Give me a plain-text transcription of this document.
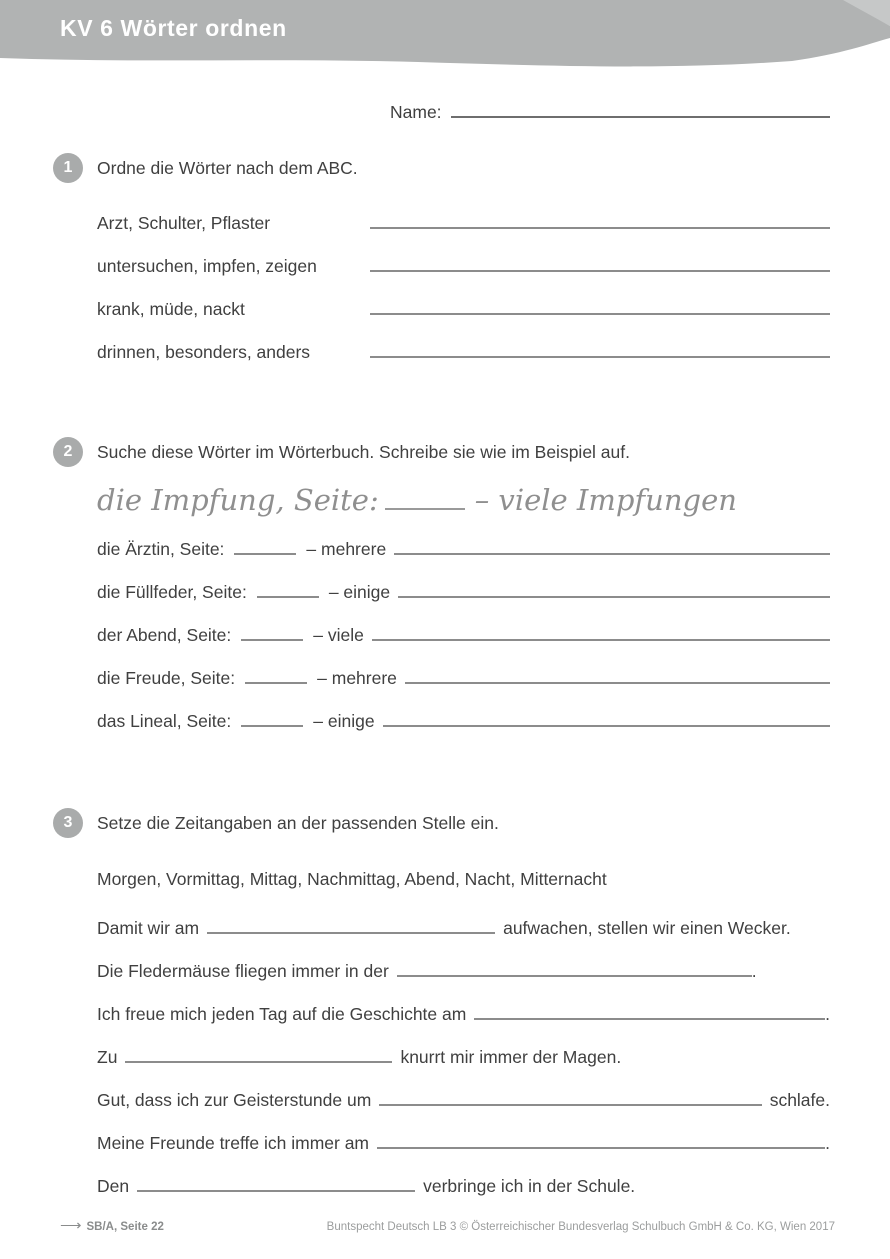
KV 6 Wörter ordnen
Name:
1	Ordne die Wörter nach dem ABC.
Arzt, Schulter, Pflaster
untersuchen, impfen, zeigen
krank, müde, nackt
drinnen, besonders, anders
2	Suche diese Wörter im Wörterbuch. Schreibe sie wie im Beispiel auf.
die Impfung, Seite:	– viele Impfungen
die Ärztin, Seite:	– mehrere
die Füllfeder, Seite:	– einige
der Abend, Seite:	– viele
die Freude, Seite:	– mehrere
das Lineal, Seite:	– einige
3	Setze die Zeitangaben an der passenden Stelle ein.
Morgen, Vormittag, Mittag, Nachmittag, Abend, Nacht, Mitternacht
Damit wir am	aufwachen, stellen wir einen Wecker.
Die Fledermäuse fliegen immer in der	.
Ich freue mich jeden Tag auf die Geschichte am	.
Zu	knurrt mir immer der Magen.
Gut, dass ich zur Geisterstunde um	schlafe.
Meine Freunde treffe ich immer am	.
Den	verbringe ich in der Schule.
⟶ SB/A, Seite 22	Buntspecht Deutsch LB 3 © Österreichischer Bundesverlag Schulbuch GmbH & Co. KG, Wien 2017
